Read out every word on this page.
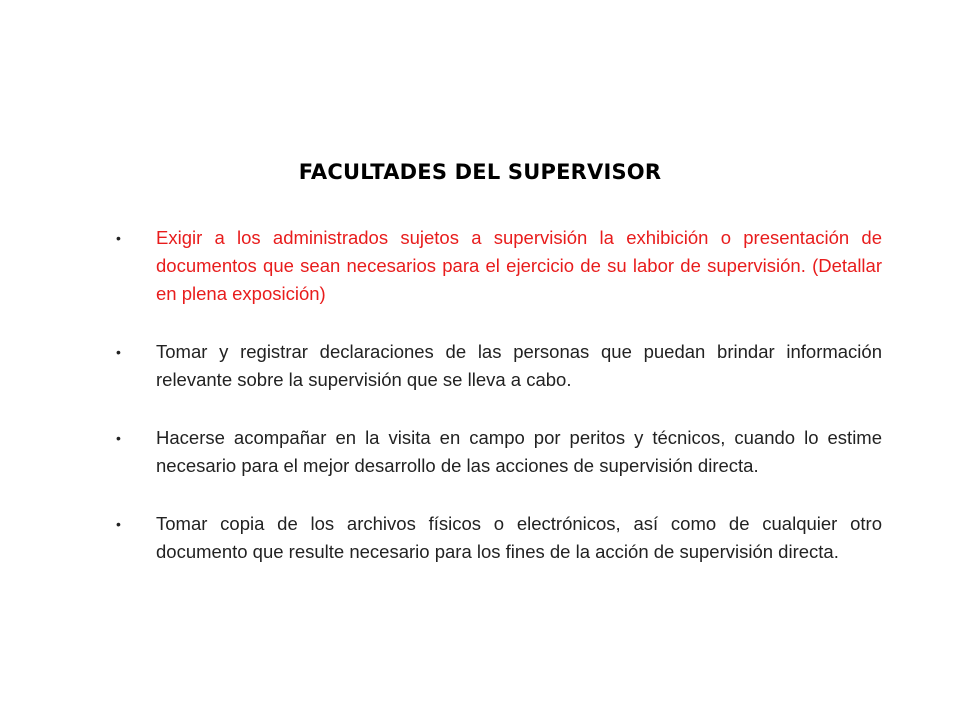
FACULTADES DEL SUPERVISOR
• Exigir a los administrados sujetos a supervisión la exhibición o presentación de documentos que sean necesarios para el ejercicio de su labor de supervisión. (Detallar en plena exposición)
• Tomar y registrar declaraciones de las personas que puedan brindar información relevante sobre la supervisión que se lleva a cabo.
• Hacerse acompañar en la visita en campo por peritos y técnicos, cuando lo estime necesario para el mejor desarrollo de las acciones de supervisión directa.
• Tomar copia de los archivos físicos o electrónicos, así como de cualquier otro documento que resulte necesario para los fines de la acción de supervisión directa.
